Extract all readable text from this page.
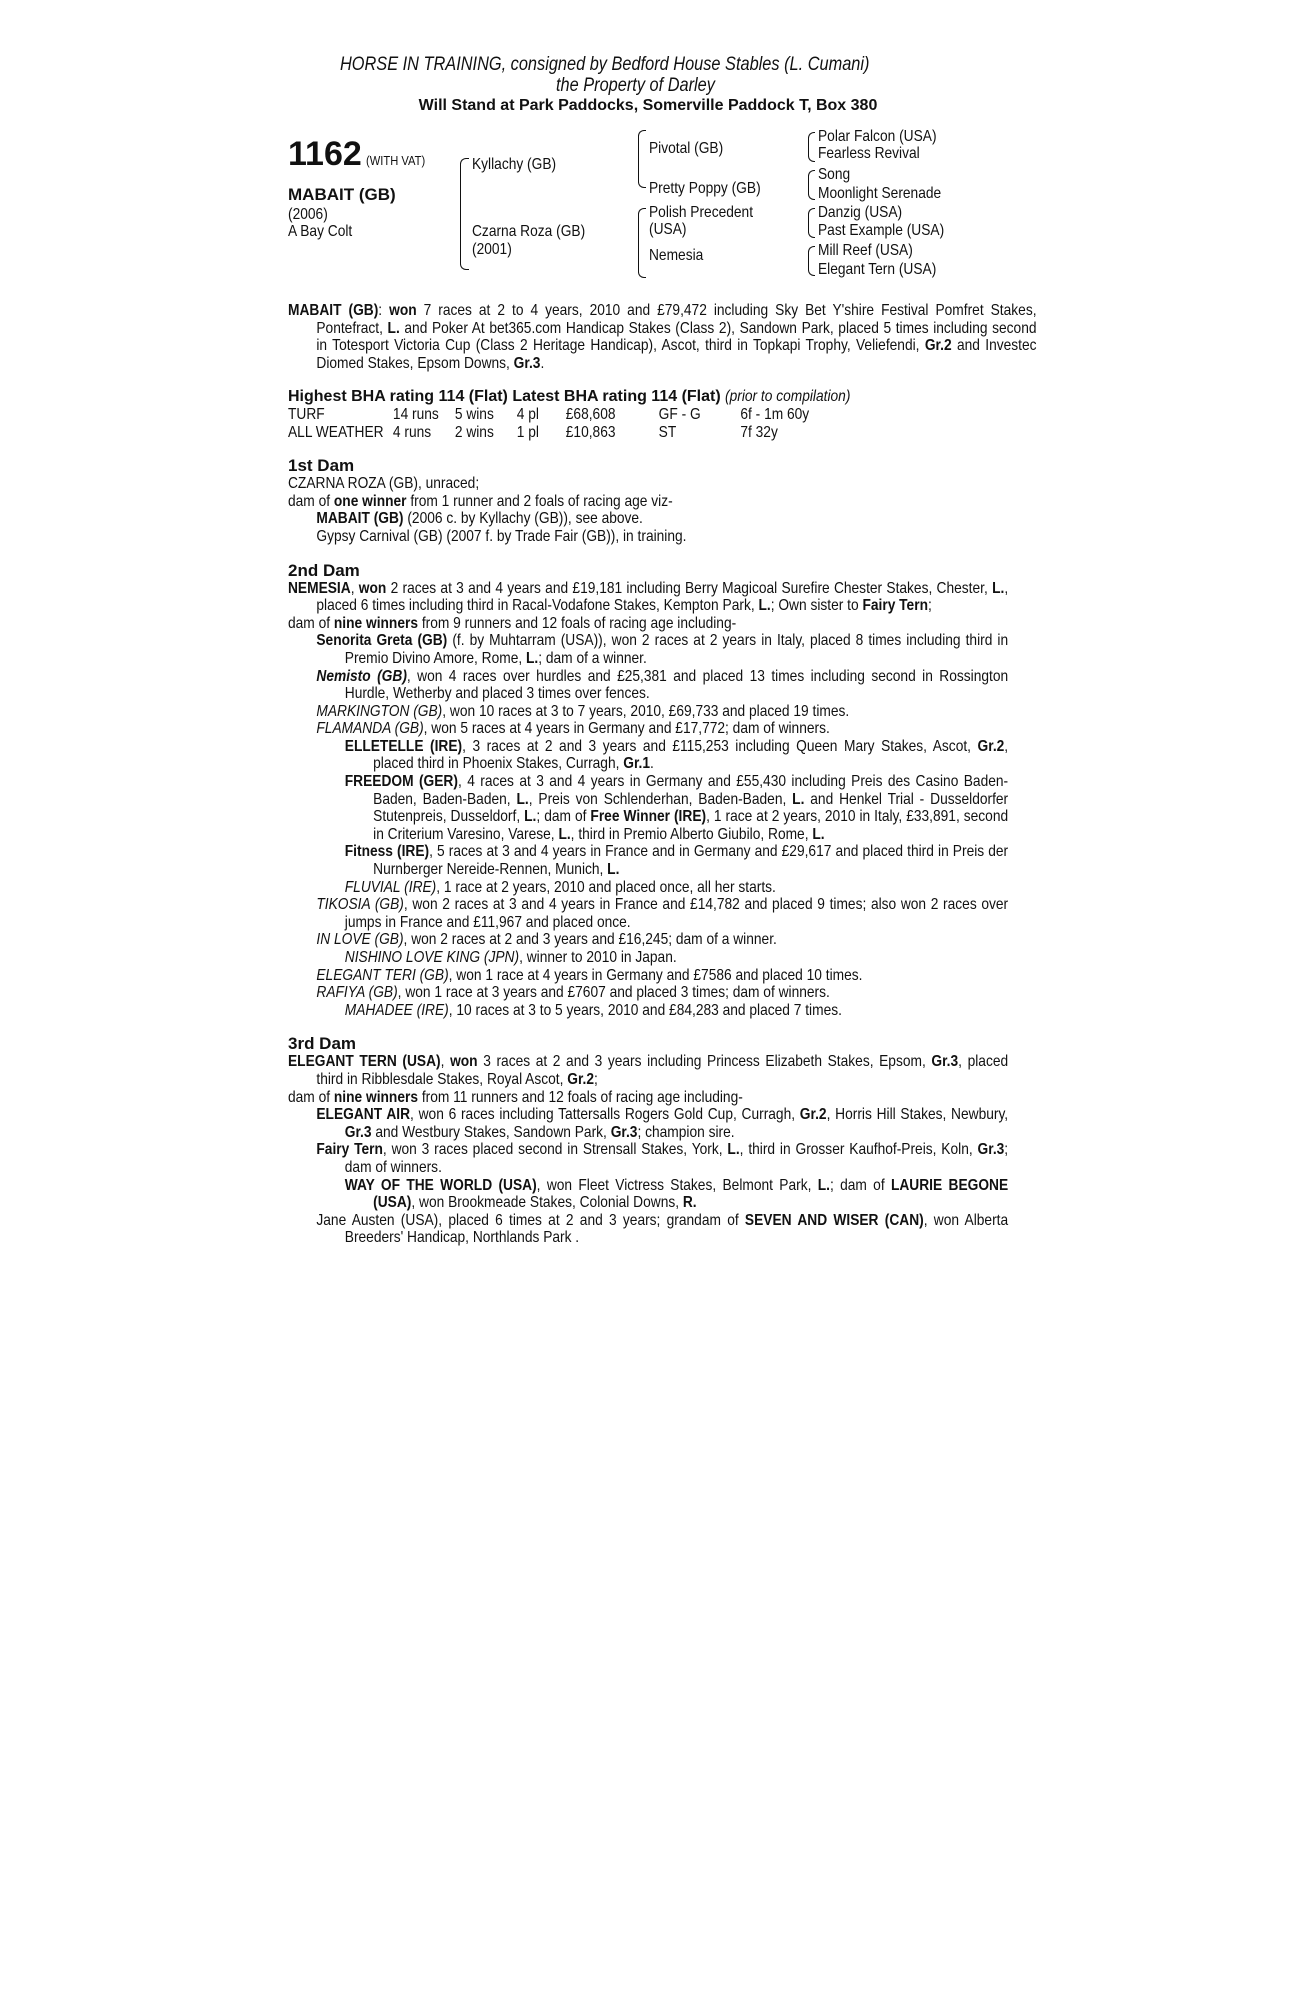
HORSE IN TRAINING, consigned by Bedford House Stables (L. Cumani)
the Property of Darley
Will Stand at Park Paddocks, Somerville Paddock T, Box 380
1162 (WITH VAT)
MABAIT (GB)
(2006)
A Bay Colt
Kyllachy (GB)
Czarna Roza (GB)
(2001)
Pivotal (GB)
Pretty Poppy (GB)
Polish Precedent
(USA)
Nemesia
Polar Falcon (USA)
Fearless Revival
Song
Moonlight Serenade
Danzig (USA)
Past Example (USA)
Mill Reef (USA)
Elegant Tern (USA)
MABAIT (GB): won 7 races at 2 to 4 years, 2010 and £79,472 including Sky Bet Y'shire Festival Pomfret Stakes, Pontefract, L. and Poker At bet365.com Handicap Stakes (Class 2), Sandown Park, placed 5 times including second in Totesport Victoria Cup (Class 2 Heritage Handicap), Ascot, third in Topkapi Trophy, Veliefendi, Gr.2 and Investec Diomed Stakes, Epsom Downs, Gr.3.
Highest BHA rating 114 (Flat) Latest BHA rating 114 (Flat) (prior to compilation)
TURF	14 runs	5 wins	4 pl	£68,608	GF - G	6f - 1m 60y
ALL WEATHER	4 runs	2 wins	1 pl	£10,863	ST	7f 32y
1st Dam
CZARNA ROZA (GB), unraced;
dam of one winner from 1 runner and 2 foals of racing age viz-
MABAIT (GB) (2006 c. by Kyllachy (GB)), see above.
Gypsy Carnival (GB) (2007 f. by Trade Fair (GB)), in training.
2nd Dam
NEMESIA, won 2 races at 3 and 4 years and £19,181 including Berry Magicoal Surefire Chester Stakes, Chester, L., placed 6 times including third in Racal-Vodafone Stakes, Kempton Park, L.; Own sister to Fairy Tern;
dam of nine winners from 9 runners and 12 foals of racing age including-
Senorita Greta (GB) (f. by Muhtarram (USA)), won 2 races at 2 years in Italy, placed 8 times including third in Premio Divino Amore, Rome, L.; dam of a winner.
Nemisto (GB), won 4 races over hurdles and £25,381 and placed 13 times including second in Rossington Hurdle, Wetherby and placed 3 times over fences.
MARKINGTON (GB), won 10 races at 3 to 7 years, 2010, £69,733 and placed 19 times.
FLAMANDA (GB), won 5 races at 4 years in Germany and £17,772; dam of winners.
ELLETELLE (IRE), 3 races at 2 and 3 years and £115,253 including Queen Mary Stakes, Ascot, Gr.2, placed third in Phoenix Stakes, Curragh, Gr.1.
FREEDOM (GER), 4 races at 3 and 4 years in Germany and £55,430 including Preis des Casino Baden-Baden, Baden-Baden, L., Preis von Schlenderhan, Baden-Baden, L. and Henkel Trial - Dusseldorfer Stutenpreis, Dusseldorf, L.; dam of Free Winner (IRE), 1 race at 2 years, 2010 in Italy, £33,891, second in Criterium Varesino, Varese, L., third in Premio Alberto Giubilo, Rome, L.
Fitness (IRE), 5 races at 3 and 4 years in France and in Germany and £29,617 and placed third in Preis der Nurnberger Nereide-Rennen, Munich, L.
FLUVIAL (IRE), 1 race at 2 years, 2010 and placed once, all her starts.
TIKOSIA (GB), won 2 races at 3 and 4 years in France and £14,782 and placed 9 times; also won 2 races over jumps in France and £11,967 and placed once.
IN LOVE (GB), won 2 races at 2 and 3 years and £16,245; dam of a winner.
NISHINO LOVE KING (JPN), winner to 2010 in Japan.
ELEGANT TERI (GB), won 1 race at 4 years in Germany and £7586 and placed 10 times.
RAFIYA (GB), won 1 race at 3 years and £7607 and placed 3 times; dam of winners.
MAHADEE (IRE), 10 races at 3 to 5 years, 2010 and £84,283 and placed 7 times.
3rd Dam
ELEGANT TERN (USA), won 3 races at 2 and 3 years including Princess Elizabeth Stakes, Epsom, Gr.3, placed third in Ribblesdale Stakes, Royal Ascot, Gr.2;
dam of nine winners from 11 runners and 12 foals of racing age including-
ELEGANT AIR, won 6 races including Tattersalls Rogers Gold Cup, Curragh, Gr.2, Horris Hill Stakes, Newbury, Gr.3 and Westbury Stakes, Sandown Park, Gr.3; champion sire.
Fairy Tern, won 3 races placed second in Strensall Stakes, York, L., third in Grosser Kaufhof-Preis, Koln, Gr.3; dam of winners.
WAY OF THE WORLD (USA), won Fleet Victress Stakes, Belmont Park, L.; dam of LAURIE BEGONE (USA), won Brookmeade Stakes, Colonial Downs, R.
Jane Austen (USA), placed 6 times at 2 and 3 years; grandam of SEVEN AND WISER (CAN), won Alberta Breeders' Handicap, Northlands Park .
